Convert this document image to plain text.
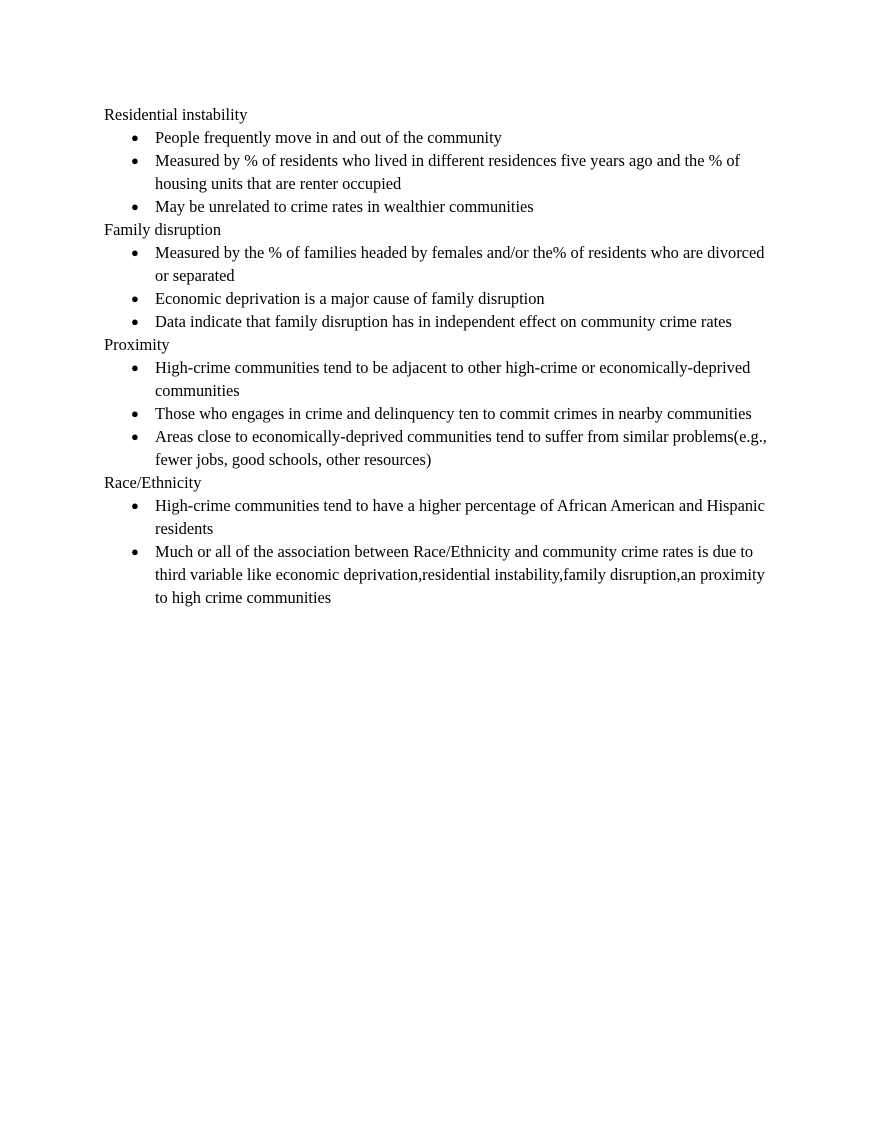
Residential instability

● People frequently move in and out of the community
● Measured by % of residents who lived in different residences five years ago and the % of housing units that are renter occupied
● May be unrelated to crime rates in wealthier communities

Family disruption

● Measured by the % of families headed by females and/or the% of residents who are divorced or separated
● Economic deprivation is a major cause of family disruption
● Data indicate that family disruption has in independent effect on community crime rates

Proximity

● High-crime communities tend to be adjacent to other high-crime or economically-deprived communities
● Those who engages in crime and delinquency ten to commit crimes in nearby communities
● Areas close to economically-deprived communities tend to suffer from similar problems(e.g., fewer jobs, good schools, other resources)

Race/Ethnicity

● High-crime communities tend to have a higher percentage of African American and Hispanic residents
● Much or all of the association between Race/Ethnicity and community crime rates is due to third variable like economic deprivation,residential instability,family disruption,an proximity to high crime communities
